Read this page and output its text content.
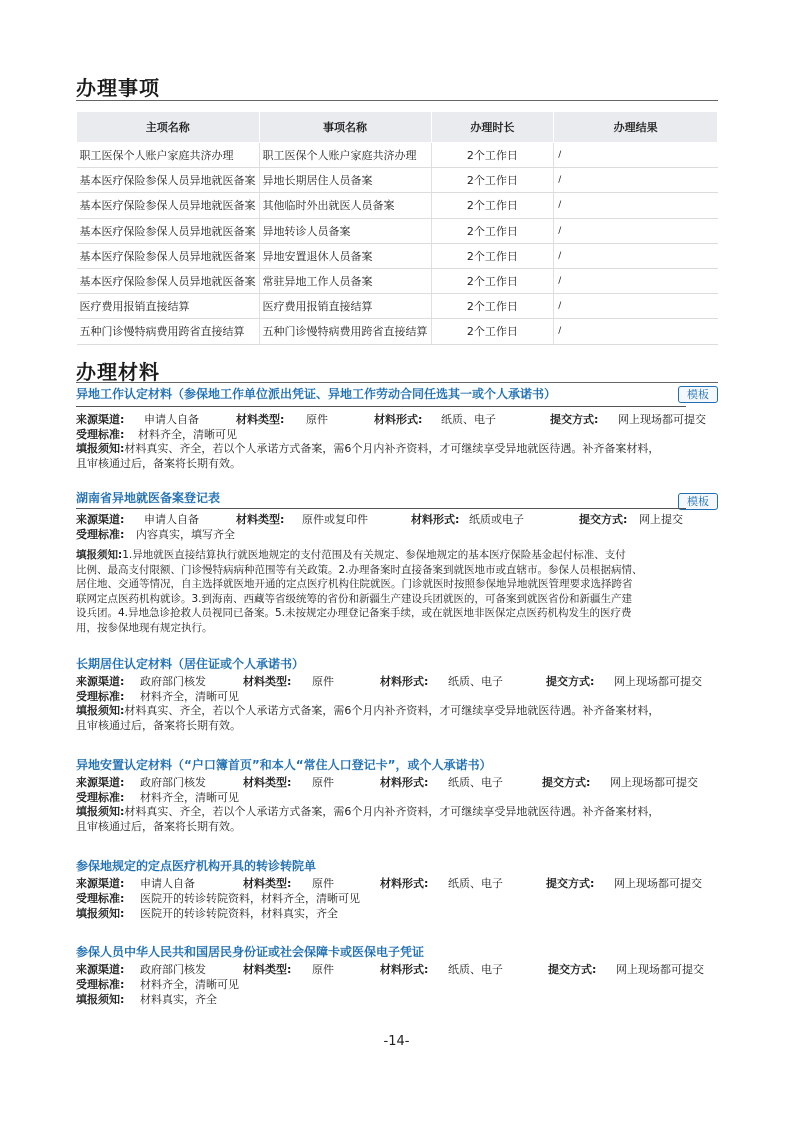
办理事项
主项名称	事项名称	办理时长	办理结果
职工医保个人账户家庭共济办理	职工医保个人账户家庭共济办理	2个工作日	/
基本医疗保险参保人员异地就医备案	异地长期居住人员备案	2个工作日	/
基本医疗保险参保人员异地就医备案	其他临时外出就医人员备案	2个工作日	/
基本医疗保险参保人员异地就医备案	异地转诊人员备案	2个工作日	/
基本医疗保险参保人员异地就医备案	异地安置退休人员备案	2个工作日	/
基本医疗保险参保人员异地就医备案	常驻异地工作人员备案	2个工作日	/
医疗费用报销直接结算	医疗费用报销直接结算	2个工作日	/
五种门诊慢特病费用跨省直接结算	五种门诊慢特病费用跨省直接结算	2个工作日	/
办理材料
异地工作认定材料（参保地工作单位派出凭证、异地工作劳动合同任选其一或个人承诺书）	模板
来源渠道: 申请人自备	材料类型: 原件	材料形式: 纸质、电子	提交方式: 网上现场都可提交
受理标准: 材料齐全，清晰可见
填报须知:材料真实、齐全，若以个人承诺方式备案，需6个月内补齐资料，才可继续享受异地就医待遇。补齐备案材料，
且审核通过后，备案将长期有效。
湖南省异地就医备案登记表	模板
来源渠道: 申请人自备	材料类型: 原件或复印件	材料形式: 纸质或电子	提交方式: 网上提交
受理标准: 内容真实，填写齐全
填报须知:1.异地就医直接结算执行就医地规定的支付范围及有关规定、参保地规定的基本医疗保险基金起付标准、支付
比例、最高支付限额、门诊慢特病病种范围等有关政策。2.办理备案时直接备案到就医地市或直辖市。参保人员根据病情、
居住地、交通等情况，自主选择就医地开通的定点医疗机构住院就医。门诊就医时按照参保地异地就医管理要求选择跨省
联网定点医药机构就诊。3.到海南、西藏等省级统筹的省份和新疆生产建设兵团就医的，可备案到就医省份和新疆生产建
设兵团。4.异地急诊抢救人员视同已备案。5.未按规定办理登记备案手续，或在就医地非医保定点医药机构发生的医疗费
用，按参保地现有规定执行。
长期居住认定材料（居住证或个人承诺书）
来源渠道: 政府部门核发	材料类型: 原件	材料形式: 纸质、电子	提交方式: 网上现场都可提交
受理标准: 材料齐全，清晰可见
填报须知:材料真实、齐全，若以个人承诺方式备案，需6个月内补齐资料，才可继续享受异地就医待遇。补齐备案材料，
且审核通过后，备案将长期有效。
异地安置认定材料（“户口簿首页”和本人“常住人口登记卡”，或个人承诺书）
来源渠道: 政府部门核发	材料类型: 原件	材料形式: 纸质、电子	提交方式: 网上现场都可提交
受理标准: 材料齐全，清晰可见
填报须知:材料真实、齐全，若以个人承诺方式备案，需6个月内补齐资料，才可继续享受异地就医待遇。补齐备案材料，
且审核通过后，备案将长期有效。
参保地规定的定点医疗机构开具的转诊转院单
来源渠道: 申请人自备	材料类型: 原件	材料形式: 纸质、电子	提交方式: 网上现场都可提交
受理标准: 医院开的转诊转院资料，材料齐全，清晰可见
填报须知: 医院开的转诊转院资料，材料真实，齐全
参保人员中华人民共和国居民身份证或社会保障卡或医保电子凭证
来源渠道: 政府部门核发	材料类型: 原件	材料形式: 纸质、电子	提交方式: 网上现场都可提交
受理标准: 材料齐全，清晰可见
填报须知: 材料真实，齐全
-14-
